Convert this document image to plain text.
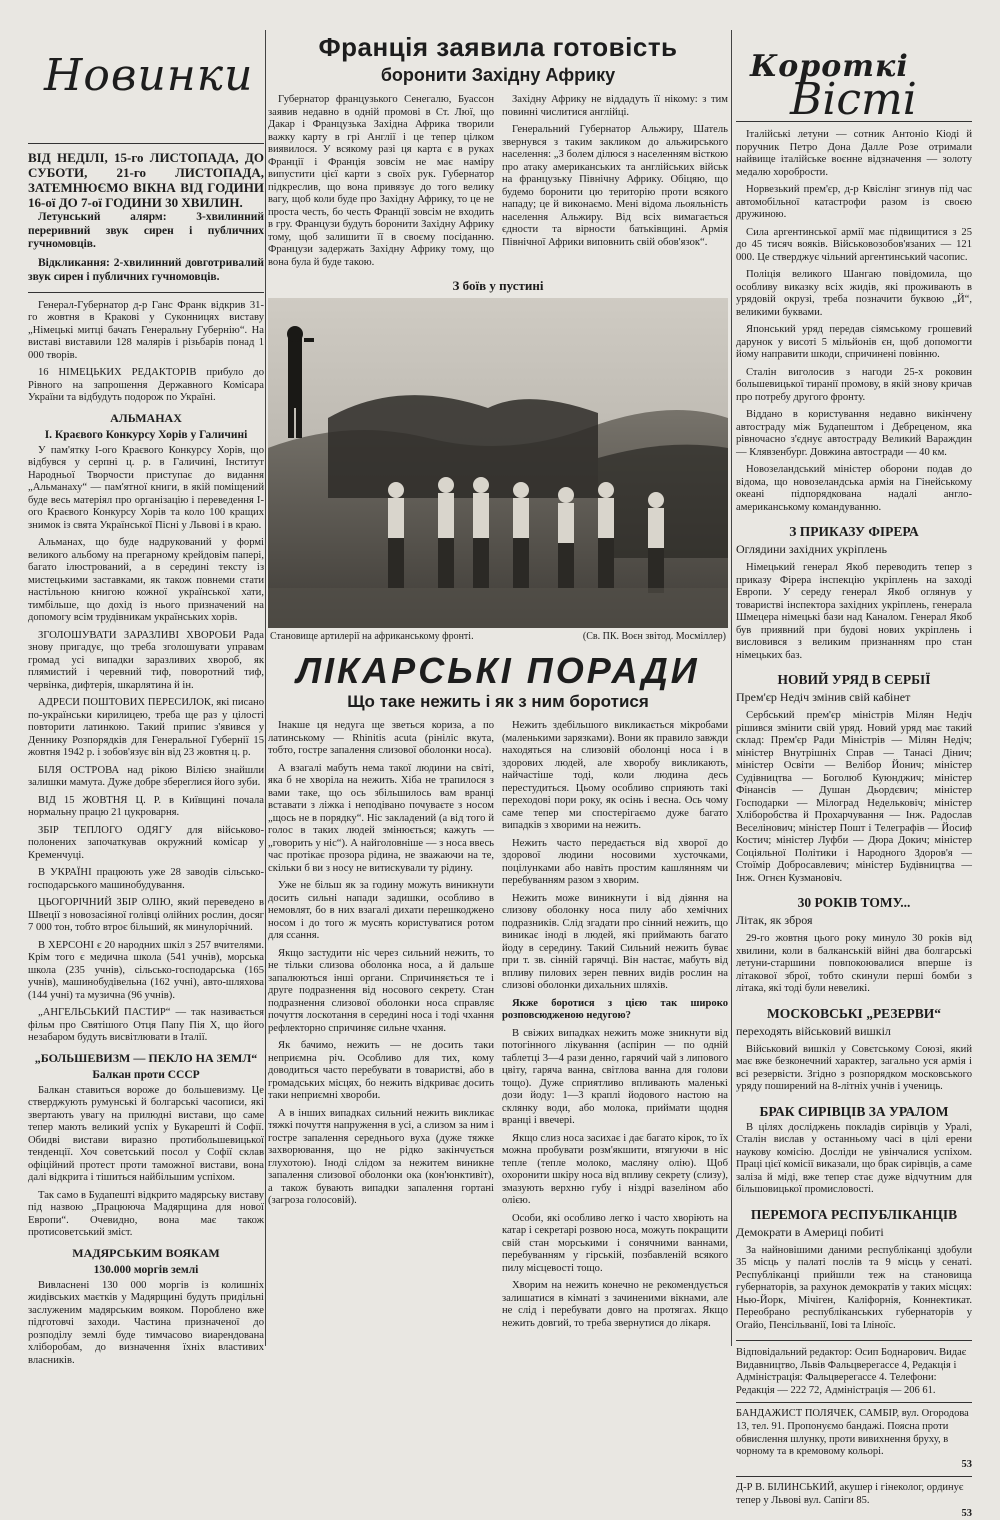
Новинки
ВІД НЕДІЛІ, 15-го ЛИСТОПАДА, ДО СУБОТИ, 21-го ЛИСТОПАДА, ЗАТЕМНЮЄМО ВІКНА ВІД ГОДИНИ 16-ої ДО 7-ої ГОДИНИ 30 ХВИЛИН.

Летунський алярм: 3-хвилинний переривний звук сирен і публичних гучномовців.

Відкликання: 2-хвилинний довготривалий звук сирен і публичних гучномовців.

Генерал-Губернатор д-р Ганс Франк відкрив 31-го жовтня в Кракові у Суконницях виставу „Німецькі митці бачать Генеральну Губернію“. На виставі виставили 128 малярів і різьбарів понад 1 000 творів.

16 НІМЕЦЬКИХ РЕДАКТОРІВ прибуло до Рівного на запрошення Державного Комісара України та відбудуть подорож по Україні.

АЛЬМАНАХ
І. Краєвого Конкурсу Хорів у Галичині

У пам'ятку І-ого Краєвого Конкурсу Хорів, що відбувся у серпні ц. р. в Галичині, Інститут Народньої Творчости приступає до видання „Альманаху“ — пам'ятної книги, в якій поміщений буде весь матеріял про організацію і переведення І-ого Краєвого Конкурсу Хорів та коло 100 кращих знимок із свята Української Пісні у Львові і в краю.

Альманах, що буде надрукований у формі великого альбому на прегарному крейдовім папері, багато ілюстрований, а в середині тексту із мистецькими заставками, як також повнеми стати настільною книгою кожної української хати, тимбільше, що дохід із нього призначений на допомогу всім трудівникам українських хорів.

ЗГОЛОШУВАТИ ЗАРАЗЛИВІ ХВОРОБИ Рада знову пригадує, що треба зголошувати управам громад усі випадки заразливих хвороб, як плямистий і черевний тиф, поворотний тиф, червінка, дифтерія, шкарлятина й ін.

АДРЕСИ ПОШТОВИХ ПЕРЕСИЛОК, які писано по-українськи кирилицею, треба ще раз у цілості повторити латинкою. Такий припис з'явився у Деннику Розпорядків для Генеральної Губернії 15 жовтня 1942 р. і зобов'язує він від 23 жовтня ц. р.

БІЛЯ ОСТРОВА над рікою Вілією знайшли залишки мамута. Дуже добре збереглися його зуби.

ВІД 15 ЖОВТНЯ Ц. Р. в Київщині почала нормальну працю 21 цукроварня.

ЗБІР ТЕПЛОГО ОДЯГУ для військово-полонених започаткував окружний комісар у Кременчуці.

В УКРАЇНІ працюють уже 28 заводів сільсько-господарського машинобудування.

ЦЬОГОРІЧНИЙ ЗБІР ОЛІЮ, який переведено в Швеції з новозасіяної голівці олійних рослин, досяг 7 000 тон, тобто втроє більший, як минулорічний.

В ХЕРСОНІ є 20 народних шкіл з 257 вчителями. Крім того є медична школа (541 учнів), морська школа (235 учнів), сільсько-господарська (165 учнів), машинобудівельна (162 учні), авто-шляхова (144 учні) та музична (96 учнів).

„АНГЕЛЬСЬКИЙ ПАСТИР“ — так називається фільм про Святішого Отця Папу Пія Х, що його незабаром будуть висвітлювати в Італії.

„БОЛЬШЕВИЗМ — ПЕКЛО НА ЗЕМЛ“
Балкан проти СССР

Балкан ставиться вороже до большевизму. Це стверджують румунські й болгарські часописи, які звертають увагу на прилюдні вистави, що саме тепер мають великий успіх у Букарешті й Софії. Обидві вистави виразно протибольшевицької тенденції. Хоч советський посол у Софії склав офіційний протест проти таможної вистави, вона далі відкрита і тішиться найбільшим успіхом.

Так само в Будапешті відкрито мадярську виставу під назвою „Працююча Мадярщина для нової Европи“. Очевидно, вона має також протисоветський зміст.

МАДЯРСЬКИМ ВОЯКАМ
130.000 моргів землі

Вивласнені 130 000 моргів із колишніх жидівських маєтків у Мадярщині будуть придільні заслуженим мадярським вояком. Пороблено вже підготовчі заходи. Частина призначеної до розподілу землі буде тимчасово виарендована хліборобам, до визначення їхніх властивих власників.

Франція заявила готовість
боронити Західну Африку

Губернатор французького Сенегалю, Буассон заявив недавно в одній промові в Ст. Люї, що Дакар і Французька Західна Африка творили важку карту в грі Англії і це тепер цілком виявилося. У всякому разі ця карта є в руках Франції і Франція зовсім не має наміру випустити цієї карти з своїх рук. Губернатор підкреслив, що вона привязує до того велику вагу, щоб коли буде про Західну Африку, то це не проста честь, бо честь Франції зовсім не входить в гру. Французи будуть боронити Західну Африку тому, щоб залишити її в своєму посіданню. Французи задержать Західну Африку тому, що вона була й буде такою.

Західну Африку не віддадуть її нікому: з тим повинні числитися англійці.

Генеральний Губернатор Альжиру, Шатель звернувся з таким закликом до альжирського населення: „З болем ділюся з населенням вісткою про атаку американських та англійських військ на французьку Північну Африку. Обіцяю, що будемо боронити цю територію проти всякого нападу; це й виконаємо. Мені відома льояльність населення Альжиру. Від всіх вимагається єдности та вірности батьківщині. Армія Північної Африки виповнить свій обов'язок“.

З боїв у пустині
Становище артилерії на африканському фронті.	(Св. ПК. Воєн звітод. Мосміллер)
ЛІКАРСЬКІ ПОРАДИ
Що таке нежить і як з ним боротися

Інакше ця недуга ще зветься кориза, а по латинському — Rhinitis acuta (рініліс вкута, тобто, гостре запалення слизової оболонки носа).

А взагалі мабуть нема такої людини на світі, яка б не хворіла на нежить. Хіба не трапилося з вами таке, що ось збільшилось вам вранці вставати з ліжка і неподівано почуваєте з носом „щось не в порядку“. Ніс закладений (а від того й голос в таких людей змінюється; кажуть — „говорить у ніс“). А найголовніше — з носа ввесь час протікає прозора рідина, не зважаючи на те, скільки б ви з носу не витискували ту рідину.

Уже не більш як за годину можуть виникнути досить сильні напади задишки, особливо в немовлят, бо в них взагалі дихати перешкоджено носом і до того ж мусять користуватися ротом для ссання.

Якщо застудити ніс через сильний нежить, то не тільки слизова оболонка носа, а й дальше запалюються інші органи. Спричиняється те і друге подразнення від носового секрету. Стан подразнення слизової оболонки носа справляє почуття лоскотання в середині носа і тоді чхання рефлекторно спричиняє сильне чхання.

Як бачимо, нежить — не досить таки неприємна річ. Особливо для тих, кому доводиться часто перебувати в товаристві, або в громадських місцях, бо нежить відкриває досить таки неприємні хвороби.

А в інших випадках сильний нежить викликає тяжкі почуття напруження в усі, а слизом за ним і гостре запалення середнього вуха (дуже тяжке захворювання, що не рідко закінчується глухотою). Іноді слідом за нежитем виникне запалення слизової оболонки ока (кон'юнктивіт), а також бувають випадки запалення гортані (загроза голосовій).

Нежить здебільшого викликається мікробами (маленькими зарязками). Вони як правило завжди находяться на слизовій оболонці носа і в здорових людей, але хворобу викликають, найчастіше тоді, коли людина десь перестудиться. Цьому особливо сприяють такі переходові пори року, як осінь і весна. Ось чому саме тепер ми спостерігаємо дуже багато випадків з хворими на нежить.

Нежить часто передається від хворої до здорової людини носовими хусточками, поцілунками або навіть простим кашлянням чи перебуванням разом з хворим.

Нежить може виникнути і від діяння на слизову оболонку носа пилу або хемічних подразників. Слід згадати про сінний нежить, що виникає іноді в людей, які приймають багато йоду в середину. Такий Сильний нежить буває при т. зв. сінній гарячці. Він настає, мабуть від впливу пилових зерен певних видів рослин на слизові оболонки дихальних шляхів.

Якже боротися з цією так широко розповсюдженою недугою?

В свіжих випадках нежить може зникнути від потогінного лікування (аспірин — по одній таблетці 3—4 рази денно, гарячий чай з липового цвіту, гаряча ванна, світлова ванна для голови тощо). Дуже сприятливо впливають маленькі дози йоду: 1—3 краплі йодового настою на склянку води, або молока, приймати щодня вранці і ввечері.

Якщо слиз носа засихає і дає багато кірок, то їх можна пробувати розм'якшити, втягуючи в ніс тепле (тепле молоко, масляну олію). Щоб охоронити шкіру носа від впливу секрету (слизу), змазують верхню губу і ніздрі вазеліном або олією.

Особи, які особливо легко і часто хворіють на катар і секретарі розвою носа, можуть покращити свій стан морськими і сонячними ваннами, перебуванням у гірській, позбавленій всякого пилу місцевості тощо.

Хворим на нежить конечно не рекомендується залишатися в кімнаті з зачиненими вікнами, але не слід і перебувати довго на протягах. Якщо нежить довгий, то треба звернутися до лікаря.

Короткі
Вісті

Італійські летуни — сотник Антоніо Кіоді й поручник Петро Дона Далле Розе отримали найвище італійське воєнне відзначення — золоту медалю хоробрости.

Норвезький прем'єр, д-р Квіслінг згинув під час автомобільної катастрофи разом із своєю дружиною.

Сила аргентинської армії має підвищитися з 25 до 45 тисяч вояків. Військовозобов'язаних — 121 000. Це стверджує чільний аргентинський часопис.

Поліція великого Шангаю повідомила, що особливу виказку всіх жидів, які проживають в урядовій окрузі, треба позначити буквою „Й“, великими буквами.

Японський уряд передав сіямському грошевий дарунок у висоті 5 мільйонів єн, щоб допомогти йому направити шкоди, спричинені повінню.

Сталін виголосив з нагоди 25-х роковин большевицької тиранії промову, в якій знову кричав про потребу другого фронту.

Віддано в користування недавно викінчену автостраду між Будапештом і Дебреценом, яка рівночасно з'єднує автостраду Великий Вараждин — Клявзенбург. Довжина автостради — 40 км.

Новозеландський міністер оборони подав до відома, що новозеландська армія на Гінейському океані підпорядкована надалі англо-американському командуванню.

З ПРИКАЗУ ФІРЕРА
Оглядини західних укріплень

Німецький генерал Якоб переводить тепер з приказу Фірера інспекцію укріплень на заході Европи. У середу генерал Якоб оглянув у товаристві інспектора західних укріплень, генерала Шмецера німецькі бази над Каналом. Генерал Якоб був приявний при будові нових укріплень і висловився з великим признанням про стан німецьких баз.

НОВИЙ УРЯД В СЕРБІЇ
Прем'єр Недіч змінив свій кабінет

Сербський прем'єр міністрів Мілян Недіч рішився змінити свій уряд. Новий уряд має такий склад: Прем'єр Ради Міністрів — Мілян Недіч; міністер Внутрішніх Справ — Танасі Дінич; міністер Освіти — Велібор Йонич; міністер Судівництва — Боголюб Куюнджич; міністер Фінансів — Душан Дьордєвич; міністер Господарки — Мілоград Недельковіч; міністер Хліборобства й Прохарчування — Інж. Радослав Веселінович; міністер Пошт і Телеграфів — Йосиф Костич; міністер Луфби — Дюра Докич; міністер Соціяльної Політики і Народного Здоров'я — Стоїмір Добросавлевич; міністер Будівництва — Інж. Огнєн Кузмановіч.

30 РОКІВ ТОМУ...
Літак, як зброя

29-го жовтня цього року минуло 30 років від хвилини, коли в балканській війні два болгарські летуни-старшини повпокоювалися вперше із літакової зброї, тобто скинули перші бомби з літака, які тоді були невеликі.

МОСКОВСЬКІ „РЕЗЕРВИ“
переходять військовий вишкіл

Військовий вишкіл у Совєтському Союзі, який має вже безконечний характер, загально уся армія і всі резервісти. Згідно з розпорядком московського уряду поширений на 8-літніх учнів і учениць.

БРАК СИРІВЦІВ ЗА УРАЛОМ

В цілях досліджень покладів сирівців у Уралі, Сталін вислав у останньому часі в цілі ерени наукову комісію. Досліди не увінчалися успіхом. Праці цієї комісії виказали, що брак сирівців, а саме заліза й міді, вже тепер стає дуже відчутним для більшовицької промисловості.

ПЕРЕМОГА РЕСПУБЛІКАНЦІВ
Демократи в Америці побиті

За найновішими даними республіканці здобули 35 місць у палаті послів та 9 місць у сенаті. Республіканці прийшли теж на становища губернаторів, за рахунок демократів у таких місцях: Нью-Йорк, Мічіген, Каліфорнія, Коннектикат. Переобрано республіканських губернаторів у Огайо, Пенсільванії, Іові та Іліноїс.

Відповідальний редактор: Осип Боднарович. Видає Видавництво, Львів Фальцверегассе 4, Редакція і Адміністрація: Фальцверегассе 4. Телефони: Редакція — 222 72, Адміністрація — 206 61.
БАНДАЖИСТ ПОЛЯЧЕК, САМБІР, вул. Огородова 13, тел. 91. Пропонуємо бандажі. Поясна проти обвислення шлунку, проти вивихнення бруху, в чорному та в кремовому кольорі.
53
Д-Р В. БІЛИНСЬКИЙ, акушер і гінеколог, ординує тепер у Львові вул. Сапіги 85.
53
